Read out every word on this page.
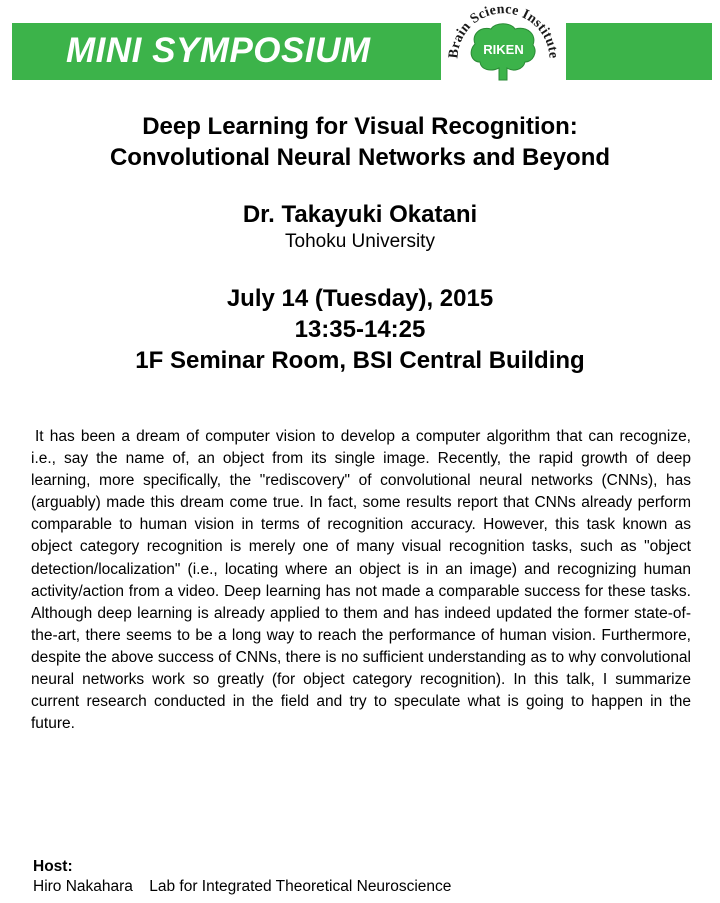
MINI SYMPOSIUM	RIKEN
Brain Science Institute
Deep Learning for Visual Recognition:
Convolutional Neural Networks and Beyond
Dr. Takayuki Okatani
Tohoku University
July 14 (Tuesday), 2015
13:35-14:25
1F Seminar Room, BSI Central Building
It has been a dream of computer vision to develop a computer algorithm that can recognize, i.e., say the name of, an object from its single image. Recently, the rapid growth of deep learning, more specifically, the "rediscovery" of convolutional neural networks (CNNs), has (arguably) made this dream come true. In fact, some results report that CNNs already perform comparable to human vision in terms of recognition accuracy. However, this task known as object category recognition is merely one of many visual recognition tasks, such as "object detection/localization" (i.e., locating where an object is in an image) and recognizing human activity/action from a video. Deep learning has not made a comparable success for these tasks. Although deep learning is already applied to them and has indeed updated the former state-of-the-art, there seems to be a long way to reach the performance of human vision. Furthermore, despite the above success of CNNs, there is no sufficient understanding as to why convolutional neural networks work so greatly (for object category recognition). In this talk, I summarize current research conducted in the field and try to speculate what is going to happen in the future.
Host:
Hiro Nakahara Lab for Integrated Theoretical Neuroscience
